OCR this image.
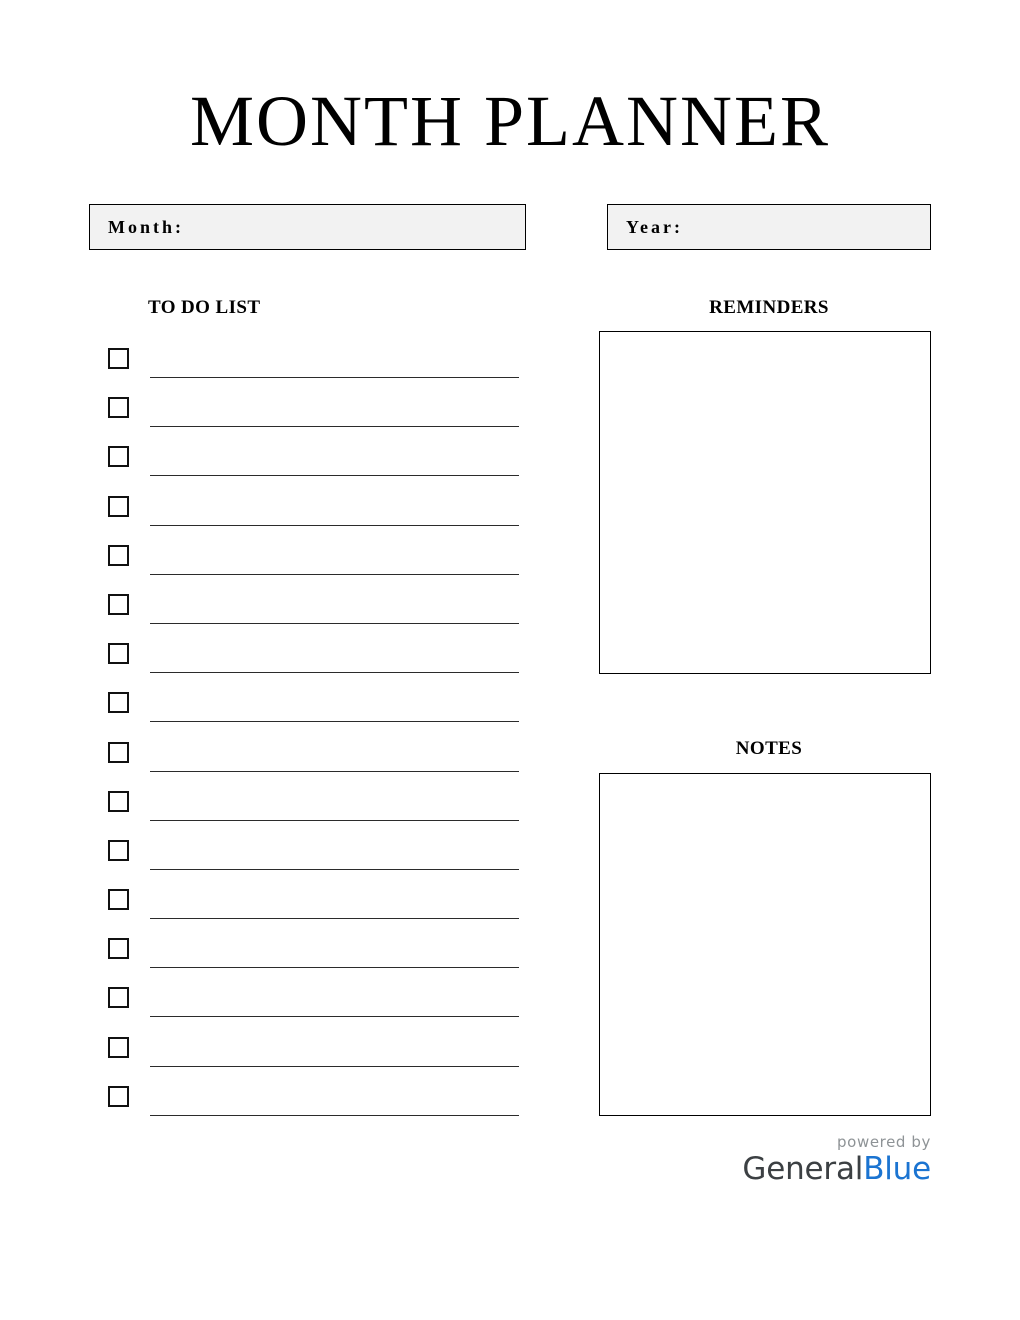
MONTH PLANNER
Month:	Year:
TO DO LIST	REMINDERS
NOTES
powered by
GeneralBlue
